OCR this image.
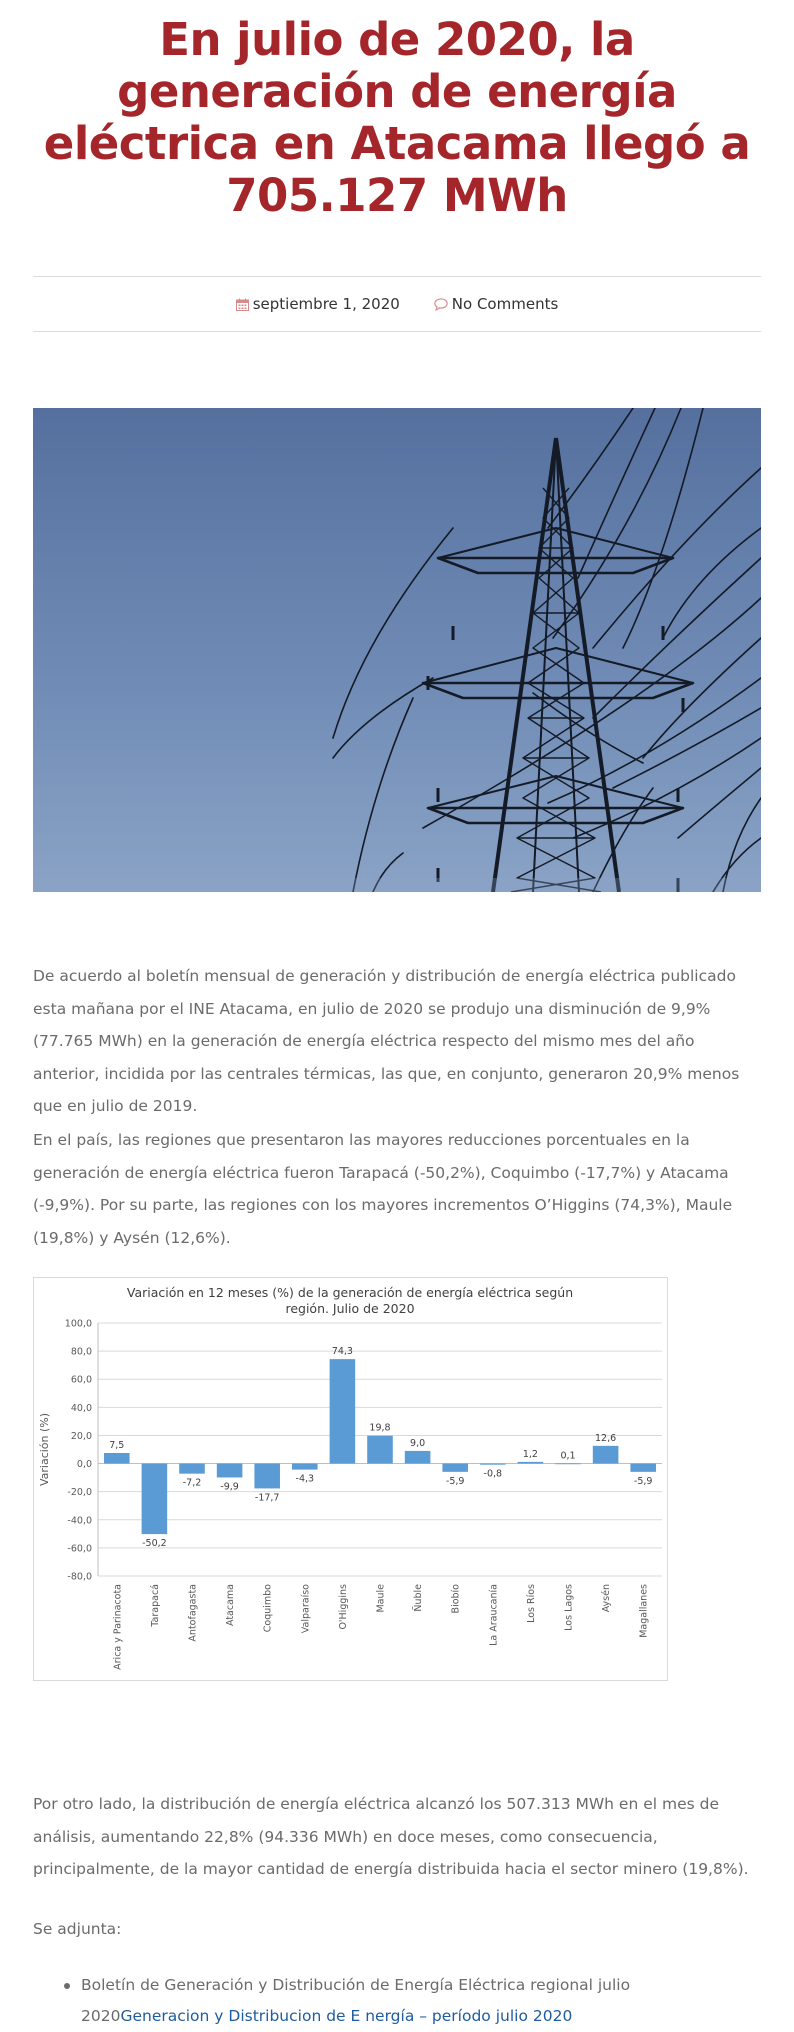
En julio de 2020, la generación de energía eléctrica en Atacama llegó a 705.127 MWh
septiembre 1, 2020	No Comments

De acuerdo al boletín mensual de generación y distribución de energía eléctrica publicado esta mañana por el INE Atacama, en julio de 2020 se produjo una disminución de 9,9% (77.765 MWh) en la generación de energía eléctrica respecto del mismo mes del año anterior, incidida por las centrales térmicas, las que, en conjunto, generaron 20,9% menos que en julio de 2019.

En el país, las regiones que presentaron las mayores reducciones porcentuales en la generación de energía eléctrica fueron Tarapacá (-50,2%), Coquimbo (-17,7%) y Atacama (-9,9%). Por su parte, las regiones con los mayores incrementos O’Higgins (74,3%), Maule (19,8%) y Aysén (12,6%).

Variación en 12 meses (%) de la generación de energía eléctrica según
región. Julio de 2020
100,0
80,0
60,0
40,0
20,0
0,0
-20,0
-40,0
-60,0
-80,0
Variación (%)	7,5
Arica y Parinacota
-50,2
Tarapacá
-7,2
Antofagasta
-9,9
Atacama
-17,7
Coquimbo
-4,3
Valparaíso
74,3
O'Higgins
19,8
Maule
9,0
Ñuble
-5,9
Biobío
-0,8
La Araucanía
1,2
Los Ríos
0,1
Los Lagos
12,6
Aysén
-5,9
Magallanes

Por otro lado, la distribución de energía eléctrica alcanzó los 507.313 MWh en el mes de análisis, aumentando 22,8% (94.336 MWh) en doce meses, como consecuencia, principalmente, de la mayor cantidad de energía distribuida hacia el sector minero (19,8%).

Se adjunta:

Boletín de Generación y Distribución de Energía Eléctrica regional julio 2020Generacion y Distribucion de E nergía – período julio 2020
